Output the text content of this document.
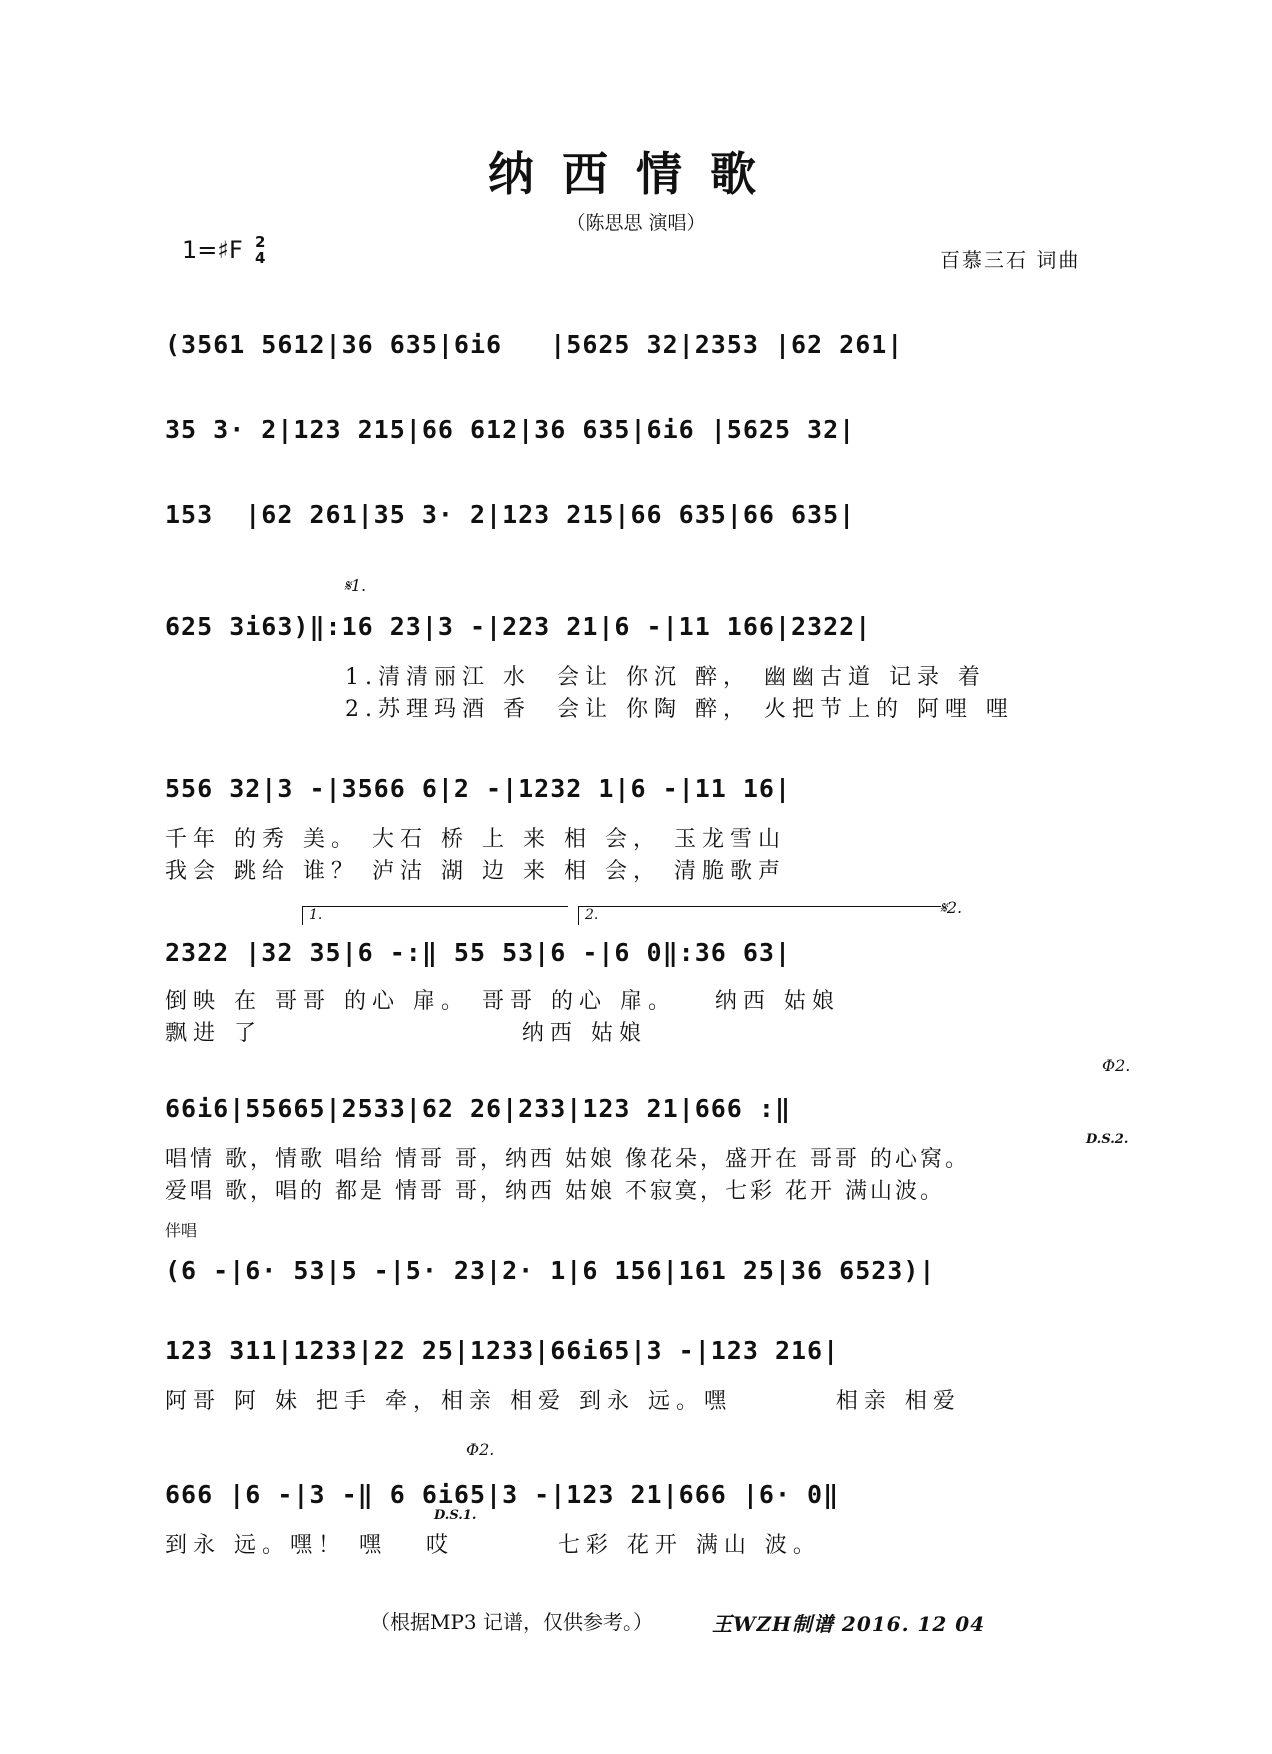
纳西情歌
（陈思思 演唱）
1=♯F 2
4	百慕三石 词曲
(3561 5612|36 635|6i6   |5625 32|2353 |62 261|
35 3· 2|123 215|66 612|36 635|6i6 |5625 32|
153  |62 261|35 3· 2|123 215|66 635|66 635|
𝄋1.
625 3i63)‖:16 23|3 -|223 21|6 -|11 166|2322|
1.清清丽江 水  会让 你沉 醉， 幽幽古道 记录 着
2.苏理玛酒 香  会让 你陶 醉， 火把节上的 阿哩 哩
556 32|3 -|3566 6|2 -|1232 1|6 -|11 16|
千年 的秀 美。 大石 桥 上 来 相 会， 玉龙雪山
我会 跳给 谁？ 泸沽 湖 边 来 相 会， 清脆歌声
1.	2.	𝄋2.
2322 |32 35|6 -:‖ 55 53|6 -|6 0‖:36 63|
倒映 在 哥哥 的心 扉。 哥哥 的心 扉。   纳西 姑娘
飘进 了                    纳西 姑娘
Φ2.
66i6|55665|2533|62 26|233|123 21|666 :‖
唱情 歌，情歌 唱给 情哥 哥，纳西 姑娘 像花朵，盛开在 哥哥 的心窝。
D.S.2.
爱唱 歌，唱的 都是 情哥 哥，纳西 姑娘 不寂寞，七彩 花开 满山波。
伴唱
(6 -|6· 53|5 -|5· 23|2· 1|6 156|161 25|36 6523)|
123 311|1233|22 25|1233|66i65|3 -|123 216|
阿哥 阿 妹 把手 牵，相亲 相爱 到永 远。嘿        相亲 相爱
Φ2.
666 |6 -|3 -‖ 6 6i65|3 -|123 21|666 |6· 0‖
D.S.1.
到永 远。嘿！ 嘿   哎        七彩 花开 满山 波。
（根据MP3 记谱，仅供参考。）	王WZH制谱 2016. 12 04
